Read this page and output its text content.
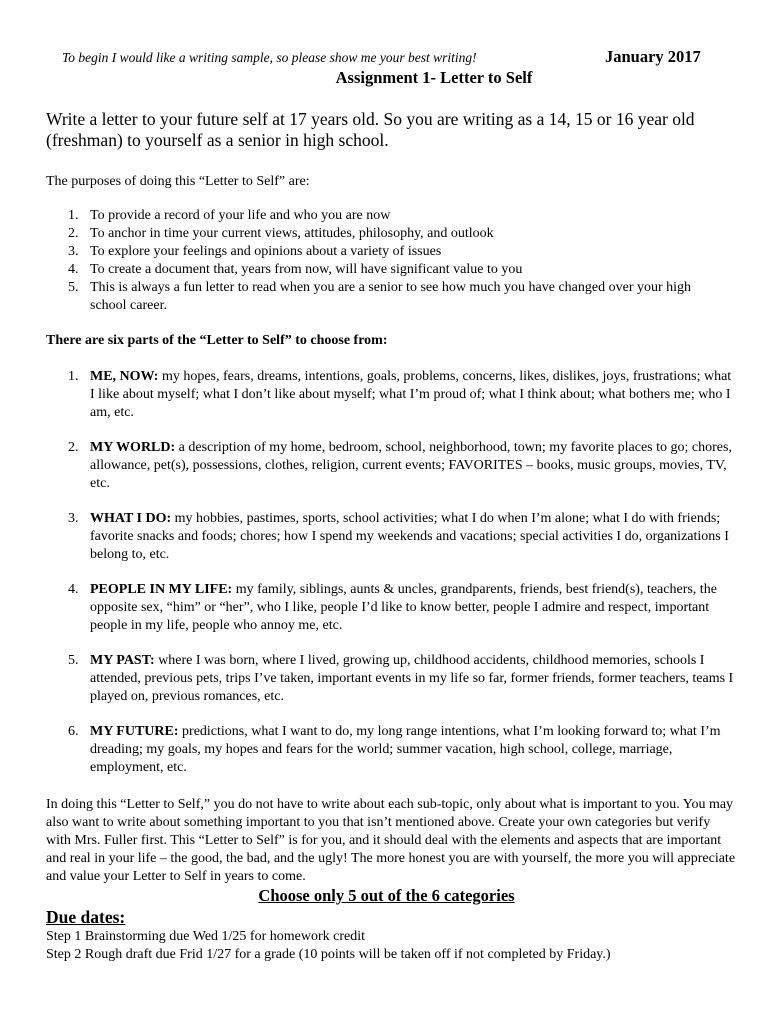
To begin I would like a writing sample, so please show me your best writing!	January 2017
Assignment 1- Letter to Self
Write a letter to your future self at 17 years old. So you are writing as a 14, 15 or 16 year old (freshman) to yourself as a senior in high school.
The purposes of doing this “Letter to Self” are:
1. To provide a record of your life and who you are now
2. To anchor in time your current views, attitudes, philosophy, and outlook
3. To explore your feelings and opinions about a variety of issues
4. To create a document that, years from now, will have significant value to you
5. This is always a fun letter to read when you are a senior to see how much you have changed over your high school career.
There are six parts of the “Letter to Self” to choose from:
1. ME, NOW: my hopes, fears, dreams, intentions, goals, problems, concerns, likes, dislikes, joys, frustrations; what I like about myself; what I don’t like about myself; what I’m proud of; what I think about; what bothers me; who I am, etc.
2. MY WORLD: a description of my home, bedroom, school, neighborhood, town; my favorite places to go; chores, allowance, pet(s), possessions, clothes, religion, current events; FAVORITES – books, music groups, movies, TV, etc.
3. WHAT I DO: my hobbies, pastimes, sports, school activities; what I do when I’m alone; what I do with friends; favorite snacks and foods; chores; how I spend my weekends and vacations; special activities I do, organizations I belong to, etc.
4. PEOPLE IN MY LIFE: my family, siblings, aunts & uncles, grandparents, friends, best friend(s), teachers, the opposite sex, “him” or “her”, who I like, people I’d like to know better, people I admire and respect, important people in my life, people who annoy me, etc.
5. MY PAST: where I was born, where I lived, growing up, childhood accidents, childhood memories, schools I attended, previous pets, trips I’ve taken, important events in my life so far, former friends, former teachers, teams I played on, previous romances, etc.
6. MY FUTURE: predictions, what I want to do, my long range intentions, what I’m looking forward to; what I’m dreading; my goals, my hopes and fears for the world; summer vacation, high school, college, marriage, employment, etc.
In doing this “Letter to Self,” you do not have to write about each sub-topic, only about what is important to you. You may also want to write about something important to you that isn’t mentioned above. Create your own categories but verify with Mrs. Fuller first. This “Letter to Self” is for you, and it should deal with the elements and aspects that are important and real in your life – the good, the bad, and the ugly! The more honest you are with yourself, the more you will appreciate and value your Letter to Self in years to come.
Choose only 5 out of the 6 categories
Due dates:
Step 1 Brainstorming due Wed 1/25 for homework credit
Step 2 Rough draft due Frid 1/27 for a grade (10 points will be taken off if not completed by Friday.)
